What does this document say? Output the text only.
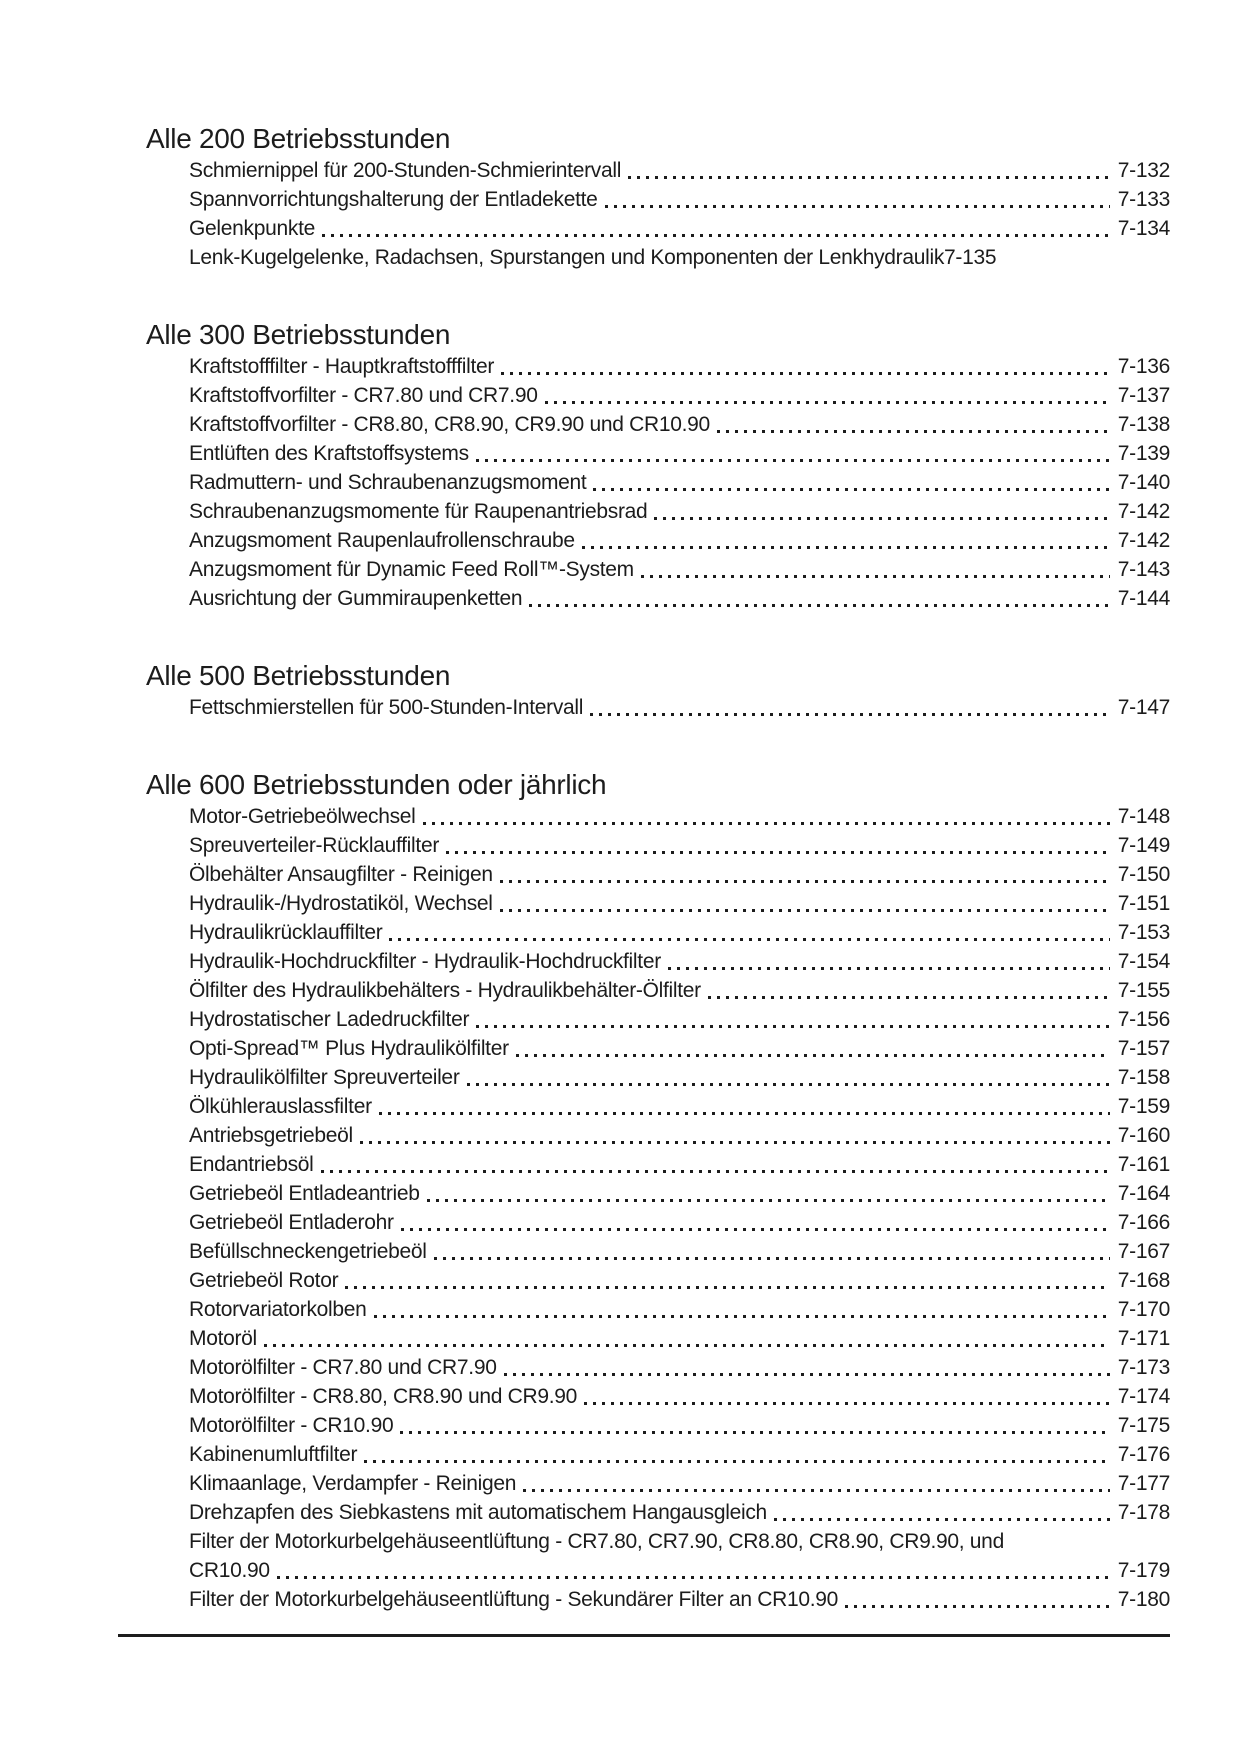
Alle 200 Betriebsstunden
Schmiernippel für 200-Stunden-Schmierintervall	7-132
Spannvorrichtungshalterung der Entladekette	7-133
Gelenkpunkte	7-134
Lenk-Kugelgelenke, Radachsen, Spurstangen und Komponenten der Lenkhydraulik 7-135
Alle 300 Betriebsstunden
Kraftstofffilter - Hauptkraftstofffilter	7-136
Kraftstoffvorfilter - CR7.80 und CR7.90	7-137
Kraftstoffvorfilter - CR8.80, CR8.90, CR9.90 und CR10.90	7-138
Entlüften des Kraftstoffsystems	7-139
Radmuttern- und Schraubenanzugsmoment	7-140
Schraubenanzugsmomente für Raupenantriebsrad	7-142
Anzugsmoment Raupenlaufrollenschraube	7-142
Anzugsmoment für Dynamic Feed Roll™-System	7-143
Ausrichtung der Gummiraupenketten	7-144
Alle 500 Betriebsstunden
Fettschmierstellen für 500-Stunden-Intervall	7-147
Alle 600 Betriebsstunden oder jährlich
Motor-Getriebeölwechsel	7-148
Spreuverteiler-Rücklauffilter	7-149
Ölbehälter Ansaugfilter - Reinigen	7-150
Hydraulik-/Hydrostatiköl, Wechsel	7-151
Hydraulikrücklauffilter	7-153
Hydraulik-Hochdruckfilter - Hydraulik-Hochdruckfilter	7-154
Ölfilter des Hydraulikbehälters - Hydraulikbehälter-Ölfilter	7-155
Hydrostatischer Ladedruckfilter	7-156
Opti-Spread™ Plus Hydraulikölfilter	7-157
Hydraulikölfilter Spreuverteiler	7-158
Ölkühlerauslassfilter	7-159
Antriebsgetriebeöl	7-160
Endantriebsöl	7-161
Getriebeöl Entladeantrieb	7-164
Getriebeöl Entladerohr	7-166
Befüllschneckengetriebeöl	7-167
Getriebeöl Rotor	7-168
Rotorvariatorkolben	7-170
Motoröl	7-171
Motorölfilter - CR7.80 und CR7.90	7-173
Motorölfilter - CR8.80, CR8.90 und CR9.90	7-174
Motorölfilter - CR10.90	7-175
Kabinenumluftfilter	7-176
Klimaanlage, Verdampfer - Reinigen	7-177
Drehzapfen des Siebkastens mit automatischem Hangausgleich	7-178
Filter der Motorkurbelgehäuseentlüftung - CR7.80, CR7.90, CR8.80, CR8.90, CR9.90, und
CR10.90	7-179
Filter der Motorkurbelgehäuseentlüftung - Sekundärer Filter an CR10.90	7-180
